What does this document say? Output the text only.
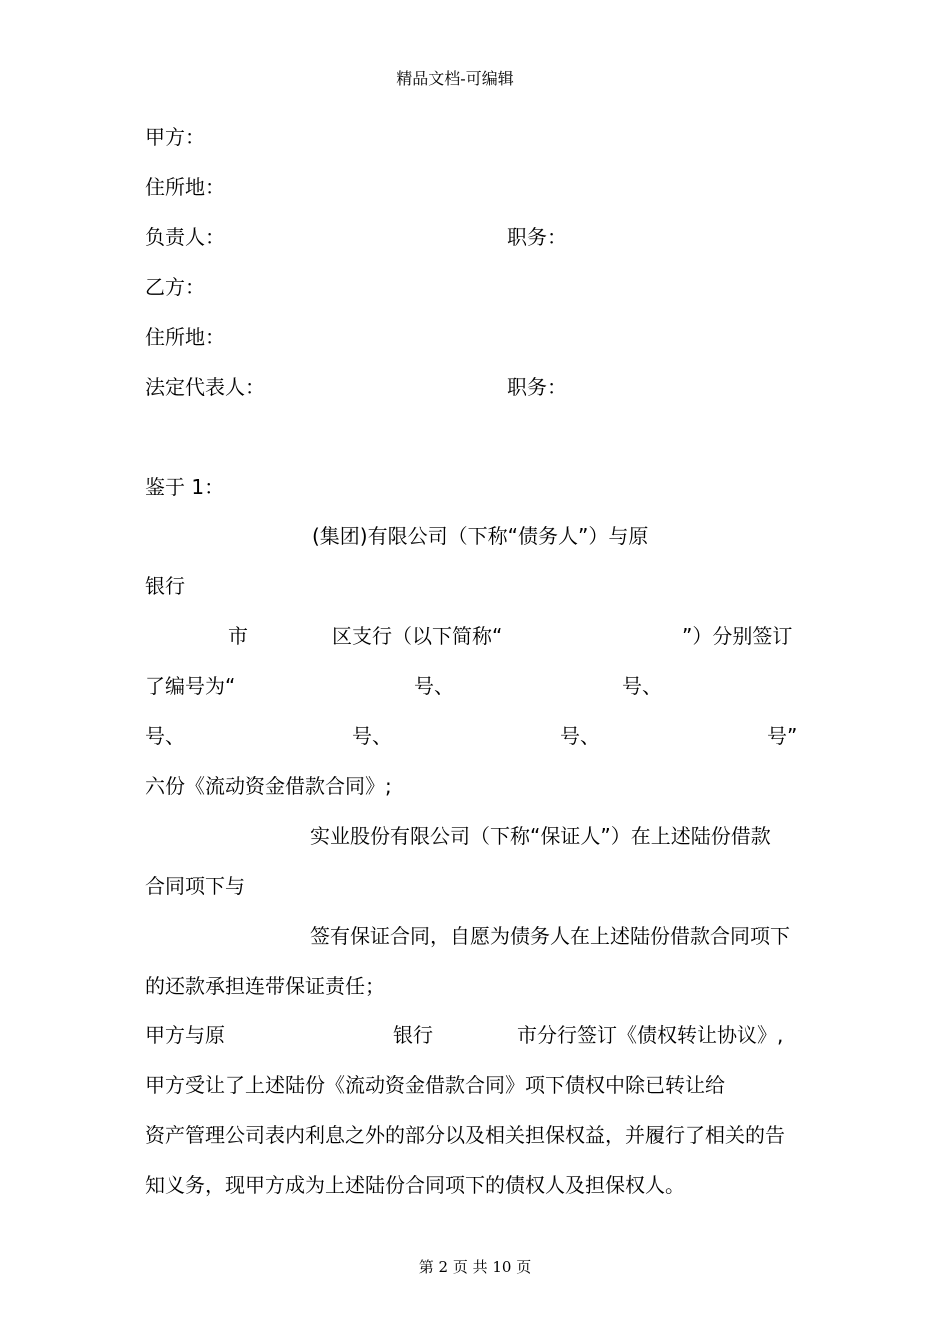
精品文档-可编辑
甲方：
住所地：
负责人：	职务：
乙方：
住所地：
法定代表人：	职务：
鉴于 1：
(集团)有限公司（下称“债务人”）与原
银行
市	区支行（以下简称“	”）分别签订
了编号为“	号、	号、
号、	号、	号、	号”
六份《流动资金借款合同》;
实业股份有限公司（下称“保证人”）在上述陆份借款
合同项下与
签有保证合同，自愿为债务人在上述陆份借款合同项下
的还款承担连带保证责任；
甲方与原	银行	市分行签订《债权转让协议》,
甲方受让了上述陆份《流动资金借款合同》项下债权中除已转让给
资产管理公司表内利息之外的部分以及相关担保权益，并履行了相关的告
知义务，现甲方成为上述陆份合同项下的债权人及担保权人。
第 2 页 共 10 页
